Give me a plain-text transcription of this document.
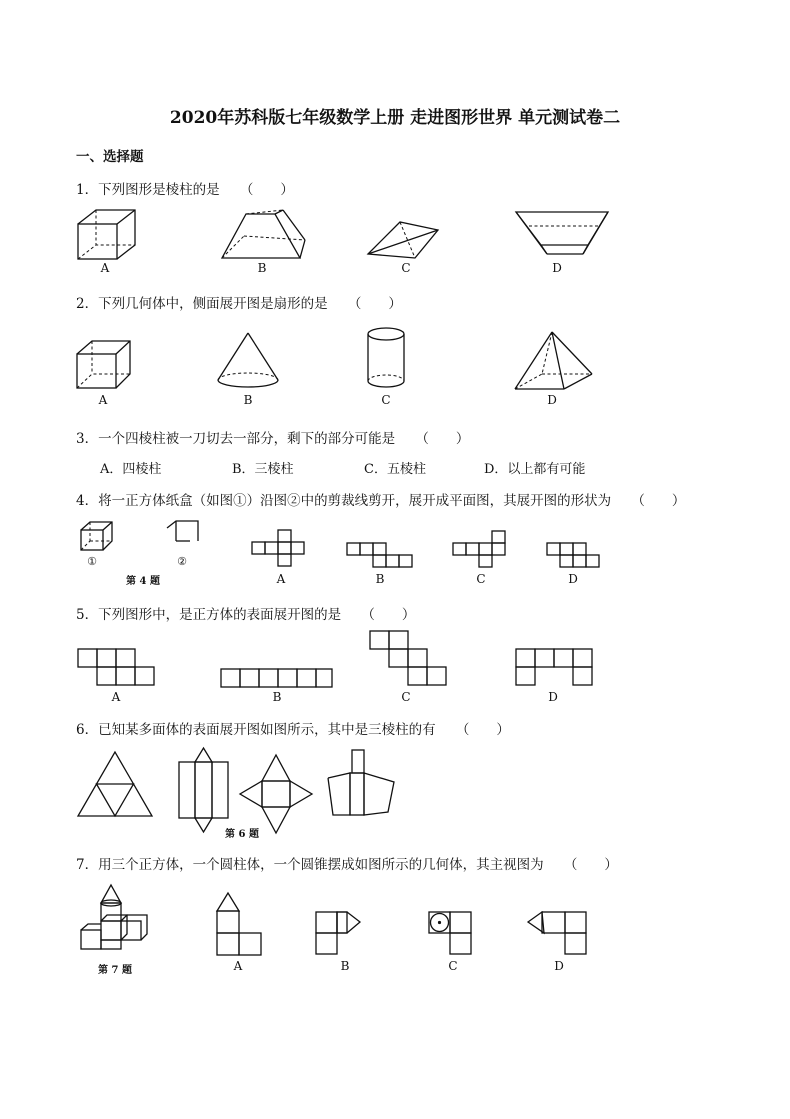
2020年苏科版七年级数学上册 走进图形世界 单元测试卷二
一、选择题
1．下列图形是棱柱的是　　（　　）
2．下列几何体中，侧面展开图是扇形的是　　（　　）
3．一个四棱柱被一刀切去一部分，剩下的部分可能是　　（　　）
4．将一正方体纸盒（如图①）沿图②中的剪裁线剪开，展开成平面图，其展开图的形状为　　（　　）
5．下列图形中，是正方体的表面展开图的是　　（　　）
6．已知某多面体的表面展开图如图所示，其中是三棱柱的有　　（　　）
7．用三个正方体，一个圆柱体，一个圆锥摆成如图所示的几何体，其主视图为　　（　　）
A．四棱柱	B．三棱柱	C．五棱柱	D．以上都有可能
A	B	C	D
A	B	C	D
①	②
第 4 题	A	B	C	D
A	B	C	D
第 6 题
第 7 题	A	B	C	D
